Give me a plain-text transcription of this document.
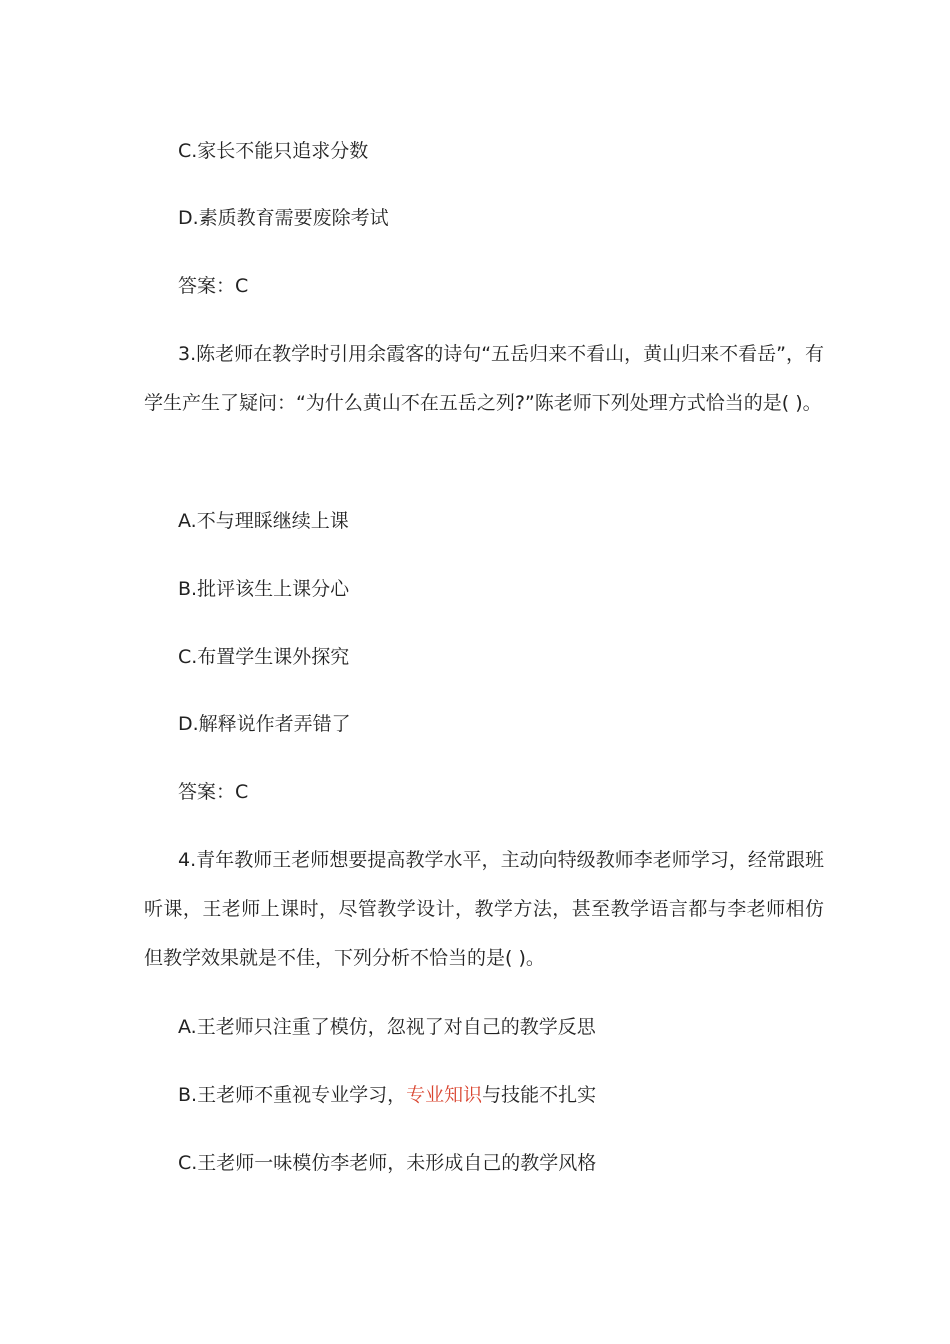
C.家长不能只追求分数
D.素质教育需要废除考试
答案：C
3.陈老师在教学时引用余霞客的诗句“五岳归来不看山，黄山归来不看岳”，有学生产生了疑问：“为什么黄山不在五岳之列?”陈老师下列处理方式恰当的是( )。
A.不与理睬继续上课
B.批评该生上课分心
C.布置学生课外探究
D.解释说作者弄错了
答案：C
4.青年教师王老师想要提高教学水平，主动向特级教师李老师学习，经常跟班听课，王老师上课时，尽管教学设计，教学方法，甚至教学语言都与李老师相仿但教学效果就是不佳，下列分析不恰当的是( )。
A.王老师只注重了模仿，忽视了对自己的教学反思
B.王老师不重视专业学习，专业知识与技能不扎实
C.王老师一味模仿李老师，未形成自己的教学风格
